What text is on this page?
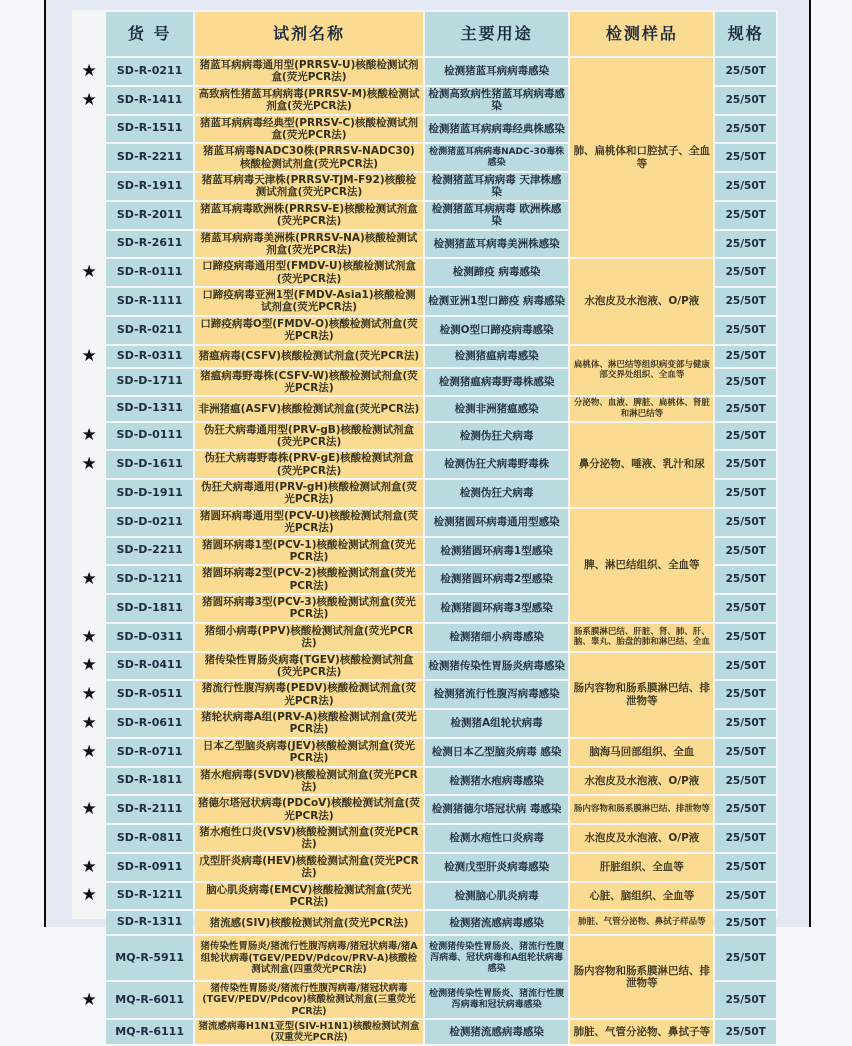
	货 号	试剂名称	主要用途	检测样品	规格
★	SD-R-0211	猪蓝耳病病毒通用型(PRRSV-U)核酸检测试剂盒(荧光PCR法)	检测猪蓝耳病病毒感染	肺、扁桃体和口腔拭子、全血等	25/50T
★	SD-R-1411	高致病性猪蓝耳病病毒(PRRSV-M)核酸检测试剂盒(荧光PCR法)	检测高致病性猪蓝耳病病毒感染		25/50T
	SD-R-1511	猪蓝耳病病毒经典型(PRRSV-C)核酸检测试剂盒(荧光PCR法)	检测猪蓝耳病病毒经典株感染		25/50T
	SD-R-2211	猪蓝耳病毒NADC30株(PRRSV-NADC30)核酸检测试剂盒(荧光PCR法)	检测猪蓝耳病病毒NADC-30毒株感染		25/50T
	SD-R-1911	猪蓝耳病毒天津株(PRRSV-TJM-F92)核酸检测试剂盒(荧光PCR法)	检测猪蓝耳病病毒 天津株感染		25/50T
	SD-R-2011	猪蓝耳病毒欧洲株(PRRSV-E)核酸检测试剂盒(荧光PCR法)	检测猪蓝耳病病毒 欧洲株感染		25/50T
	SD-R-2611	猪蓝耳病病毒美洲株(PRRSV-NA)核酸检测试剂盒(荧光PCR法)	检测猪蓝耳病毒美洲株感染		25/50T
★	SD-R-0111	口蹄疫病毒通用型(FMDV-U)核酸检测试剂盒(荧光PCR法)	检测蹄疫 病毒感染	水泡皮及水泡液、O/P液	25/50T
	SD-R-1111	口蹄疫病毒亚洲1型(FMDV-Asia1)核酸检测试剂盒(荧光PCR法)	检测亚洲1型口蹄疫 病毒感染		25/50T
	SD-R-0211	口蹄疫病毒O型(FMDV-O)核酸检测试剂盒(荧光PCR法)	检测O型口蹄疫病毒感染		25/50T
★	SD-R-0311	猪瘟病毒(CSFV)核酸检测试剂盒(荧光PCR法)	检测猪瘟病毒感染	扁桃体、淋巴结等组织病变部与健康部交界处组织、全血等	25/50T
	SD-D-1711	猪瘟病毒野毒株(CSFV-W)核酸检测试剂盒(荧光PCR法)	检测猪瘟病毒野毒株感染		25/50T
	SD-D-1311	非洲猪瘟(ASFV)核酸检测试剂盒(荧光PCR法)	检测非洲猪瘟感染	分泌物、血液、脾脏、扁桃体、肾脏和淋巴结等	25/50T
★	SD-D-0111	伪狂犬病毒通用型(PRV-gB)核酸检测试剂盒(荧光PCR法)	检测伪狂犬病毒	鼻分泌物、唾液、乳汁和尿	25/50T
★	SD-D-1611	伪狂犬病毒野毒株(PRV-gE)核酸检测试剂盒(荧光PCR法)	检测伪狂犬病毒野毒株		25/50T
	SD-D-1911	伪狂犬病毒通用(PRV-gH)核酸检测试剂盒(荧光PCR法)	检测伪狂犬病毒		25/50T
	SD-D-0211	猪圆环病毒通用型(PCV-U)核酸检测试剂盒(荧光PCR法)	检测猪圆环病毒通用型感染	脾、淋巴结组织、全血等	25/50T
	SD-D-2211	猪圆环病毒1型(PCV-1)核酸检测试剂盒(荧光PCR法)	检测猪圆环病毒1型感染		25/50T
★	SD-D-1211	猪圆环病毒2型(PCV-2)核酸检测试剂盒(荧光PCR法)	检测猪圆环病毒2型感染		25/50T
	SD-D-1811	猪圆环病毒3型(PCV-3)核酸检测试剂盒(荧光PCR法)	检测猪圆环病毒3型感染		25/50T
★	SD-D-0311	猪细小病毒(PPV)核酸检测试剂盒(荧光PCR法)	检测猪细小病毒感染	肠系膜淋巴结、肝脏、肾、肺、肝、脑、睾丸、胎盘的肺和淋巴结、全血	25/50T
★	SD-R-0411	猪传染性胃肠炎病毒(TGEV)核酸检测试剂盒(荧光PCR法)	检测猪传染性胃肠炎病毒感染	肠内容物和肠系膜淋巴结、排泄物等	25/50T
★	SD-R-0511	猪流行性腹泻病毒(PEDV)核酸检测试剂盒(荧光PCR法)	检测猪流行性腹泻病毒感染		25/50T
★	SD-R-0611	猪轮状病毒A组(PRV-A)核酸检测试剂盒(荧光PCR法)	检测猪A组轮状病毒		25/50T
★	SD-R-0711	日本乙型脑炎病毒(JEV)核酸检测试剂盒(荧光PCR法)	检测日本乙型脑炎病毒 感染	脑海马回部组织、全血	25/50T
	SD-R-1811	猪水疱病毒(SVDV)核酸检测试剂盒(荧光PCR法)	检测猪水疱病毒感染	水泡皮及水泡液、O/P液	25/50T
★	SD-R-2111	猪德尔塔冠状病毒(PDCoV)核酸检测试剂盒(荧光PCR法)	检测猪德尔塔冠状病 毒感染	肠内容物和肠系膜淋巴结、排泄物等	25/50T
	SD-R-0811	猪水疱性口炎(VSV)核酸检测试剂盒(荧光PCR法)	检测水疱性口炎病毒	水泡皮及水泡液、O/P液	25/50T
★	SD-R-0911	戊型肝炎病毒(HEV)核酸检测试剂盒(荧光PCR法)	检测戊型肝炎病毒感染	肝脏组织、全血等	25/50T
★	SD-R-1211	脑心肌炎病毒(EMCV)核酸检测试剂盒(荧光PCR法)	检测脑心肌炎病毒	心脏、脑组织、全血等	25/50T
	SD-R-1311	猪流感(SIV)核酸检测试剂盒(荧光PCR法)	检测猪流感病毒感染	肺脏、气管分泌物、鼻拭子样品等	25/50T
	MQ-R-5911	猪传染性胃肠炎/猪流行性腹泻病毒/猪冠状病毒/猪A组轮状病毒(TGEV/PEDV/Pdcov/PRV-A)核酸检测试剂盒(四重荧光PCR法)	检测猪传染性胃肠炎、猪流行性腹泻病毒、冠状病毒和A组轮状病毒感染	肠内容物和肠系膜淋巴结、排泄物等	25/50T
★	MQ-R-6011	猪传染性胃肠炎/猪流行性腹泻病毒/猪冠状病毒(TGEV/PEDV/Pdcov)核酸检测试剂盒(三重荧光PCR法)	检测猪传染性胃肠炎、猪流行性腹泻病毒和冠状病毒感染		25/50T
	MQ-R-6111	猪流感病毒H1N1亚型(SIV-H1N1)核酸检测试剂盒(双重荧光PCR法)	检测猪流感病毒感染	肺脏、气管分泌物、鼻拭子等	25/50T
